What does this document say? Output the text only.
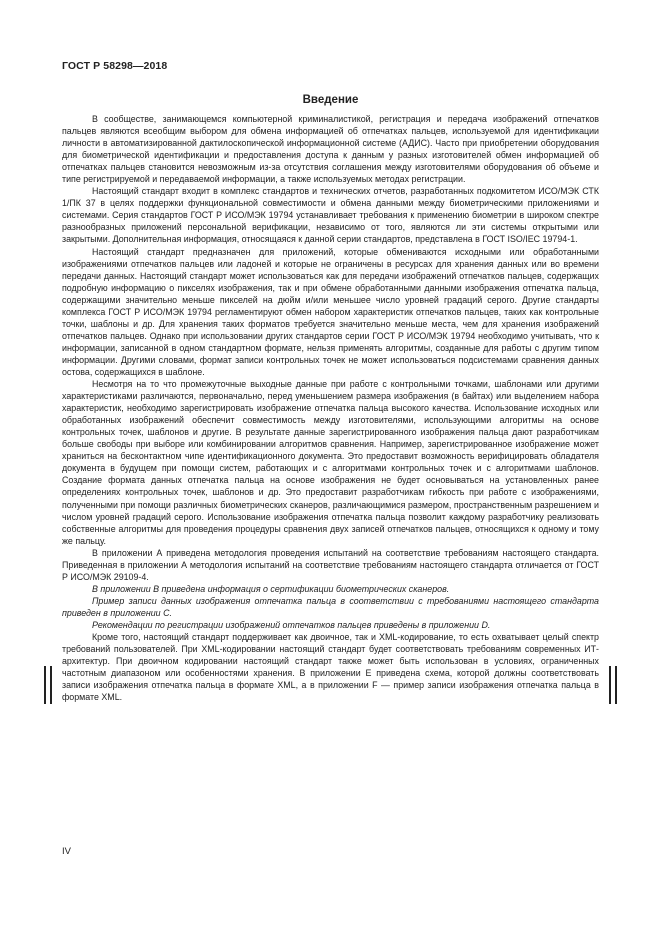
ГОСТ Р 58298—2018
Введение

В сообществе, занимающемся компьютерной криминалистикой, регистрация и передача изображений отпечатков пальцев являются всеобщим выбором для обмена информацией об отпечатках пальцев, используемой для идентификации личности в автоматизированной дактилоскопической информационной системе (АДИС). Часто при приобретении оборудования для биометрической идентификации и предоставления доступа к данным у разных изготовителей обмен информацией об отпечатках пальцев становится невозможным из-за отсутствия соглашения между изготовителями оборудования об объеме и типе регистрируемой и передаваемой информации, а также используемых методах регистрации.

Настоящий стандарт входит в комплекс стандартов и технических отчетов, разработанных подкомитетом ИСО/МЭК СТК 1/ПК 37 в целях поддержки функциональной совместимости и обмена данными между биометрическими приложениями и системами. Серия стандартов ГОСТ Р ИСО/МЭК 19794 устанавливает требования к применению биометрии в широком спектре разнообразных приложений персональной верификации, независимо от того, являются ли эти системы открытыми или закрытыми. Дополнительная информация, относящаяся к данной серии стандартов, представлена в ГОСТ ISO/IEC 19794-1.

Настоящий стандарт предназначен для приложений, которые обмениваются исходными или обработанными изображениями отпечатков пальцев или ладоней и которые не ограничены в ресурсах для хранения данных или во времени передачи данных. Настоящий стандарт может использоваться как для передачи изображений отпечатков пальцев, содержащих подробную информацию о пикселях изображения, так и при обмене обработанными данными изображения отпечатка пальца, содержащими значительно меньше пикселей на дюйм и/или меньшее число уровней градаций серого. Другие стандарты комплекса ГОСТ Р ИСО/МЭК 19794 регламентируют обмен набором характеристик отпечатков пальцев, таких как контрольные точки, шаблоны и др. Для хранения таких форматов требуется значительно меньше места, чем для хранения изображений отпечатков пальцев. Однако при использовании других стандартов серии ГОСТ Р ИСО/МЭК 19794 необходимо учитывать, что к информации, записанной в одном стандартном формате, нельзя применять алгоритмы, созданные для работы с другим типом информации. Другими словами, формат записи контрольных точек не может использоваться подсистемами сравнения данных остова, содержащихся в шаблоне.

Несмотря на то что промежуточные выходные данные при работе с контрольными точками, шаблонами или другими характеристиками различаются, первоначально, перед уменьшением размера изображения (в байтах) или выделением набора характеристик, необходимо зарегистрировать изображение отпечатка пальца высокого качества. Использование исходных или обработанных изображений обеспечит совместимость между изготовителями, использующими алгоритмы на основе контрольных точек, шаблонов и другие. В результате данные зарегистрированного изображения пальца дают разработчикам больше свободы при выборе или комбинировании алгоритмов сравнения. Например, зарегистрированное изображение может храниться на бесконтактном чипе идентификационного документа. Это предоставит возможность верифицировать обладателя документа в будущем при помощи систем, работающих и с алгоритмами контрольных точек и с алгоритмами шаблонов. Создание формата данных отпечатка пальца на основе изображения не будет основываться на установленных ранее определениях контрольных точек, шаблонов и др. Это предоставит разработчикам гибкость при работе с изображениями, полученными при помощи различных биометрических сканеров, различающимися размером, пространственным разрешением и числом уровней градаций серого. Использование изображения отпечатка пальца позволит каждому разработчику реализовать собственные алгоритмы для проведения процедуры сравнения двух записей отпечатков пальцев, относящихся к одному и тому же пальцу.

В приложении А приведена методология проведения испытаний на соответствие требованиям настоящего стандарта. Приведенная в приложении А методология испытаний на соответствие требованиям настоящего стандарта отличается от ГОСТ Р ИСО/МЭК 29109-4.

В приложении В приведена информация о сертификации биометрических сканеров.

Пример записи данных изображения отпечатка пальца в соответствии с требованиями настоящего стандарта приведен в приложении С.

Рекомендации по регистрации изображений отпечатков пальцев приведены в приложении D.

Кроме того, настоящий стандарт поддерживает как двоичное, так и XML-кодирование, то есть охватывает целый спектр требований пользователей. При XML-кодировании настоящий стандарт будет соответствовать требованиям современных ИТ-архитектур. При двоичном кодировании настоящий стандарт также может быть использован в условиях, ограниченных частотным диапазоном или особенностями хранения. В приложении Е приведена схема, которой должны соответствовать записи изображения отпечатка пальца в формате XML, а в приложении F — пример записи изображения отпечатка пальца в формате XML.

IV
